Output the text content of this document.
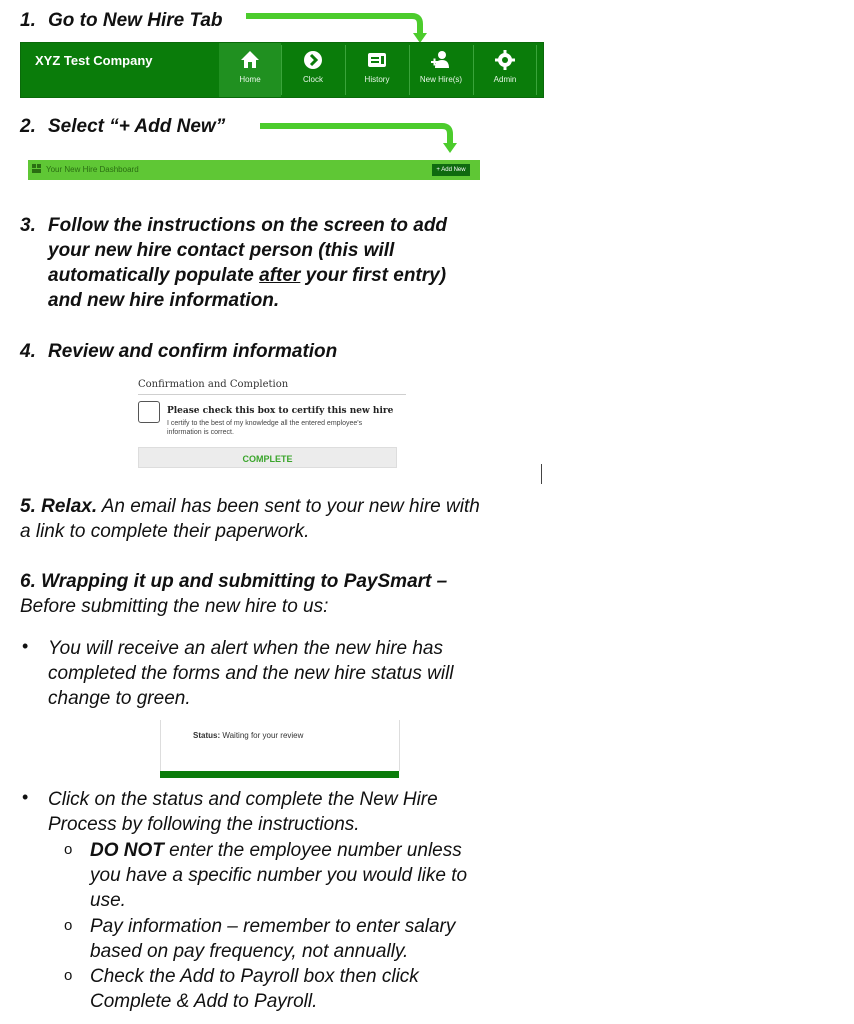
1. Go to New Hire Tab

XYZ Test Company
Home	Clock	History	New Hire(s)	Admin

2. Select “+ Add New”

Your New Hire Dashboard	+ Add New
3. Follow the instructions on the screen to add
your new hire contact person (this will
automatically populate after your first entry)
and new hire information.

4. Review and confirm information

Confirmation and Completion
Please check this box to certify this new hire
I certify to the best of my knowledge all the entered employee's information is correct.
COMPLETE
5. Relax. An email has been sent to your new hire with
a link to complete their paperwork.
6. Wrapping it up and submitting to PaySmart –
Before submitting the new hire to us:
• You will receive an alert when the new hire has
completed the forms and the new hire status will
change to green.
Status: Waiting for your review
• Click on the status and complete the New Hire
Process by following the instructions.
o DO NOT enter the employee number unless
you have a specific number you would like to
use.
o Pay information – remember to enter salary
based on pay frequency, not annually.
o Check the Add to Payroll box then click
Complete & Add to Payroll.
